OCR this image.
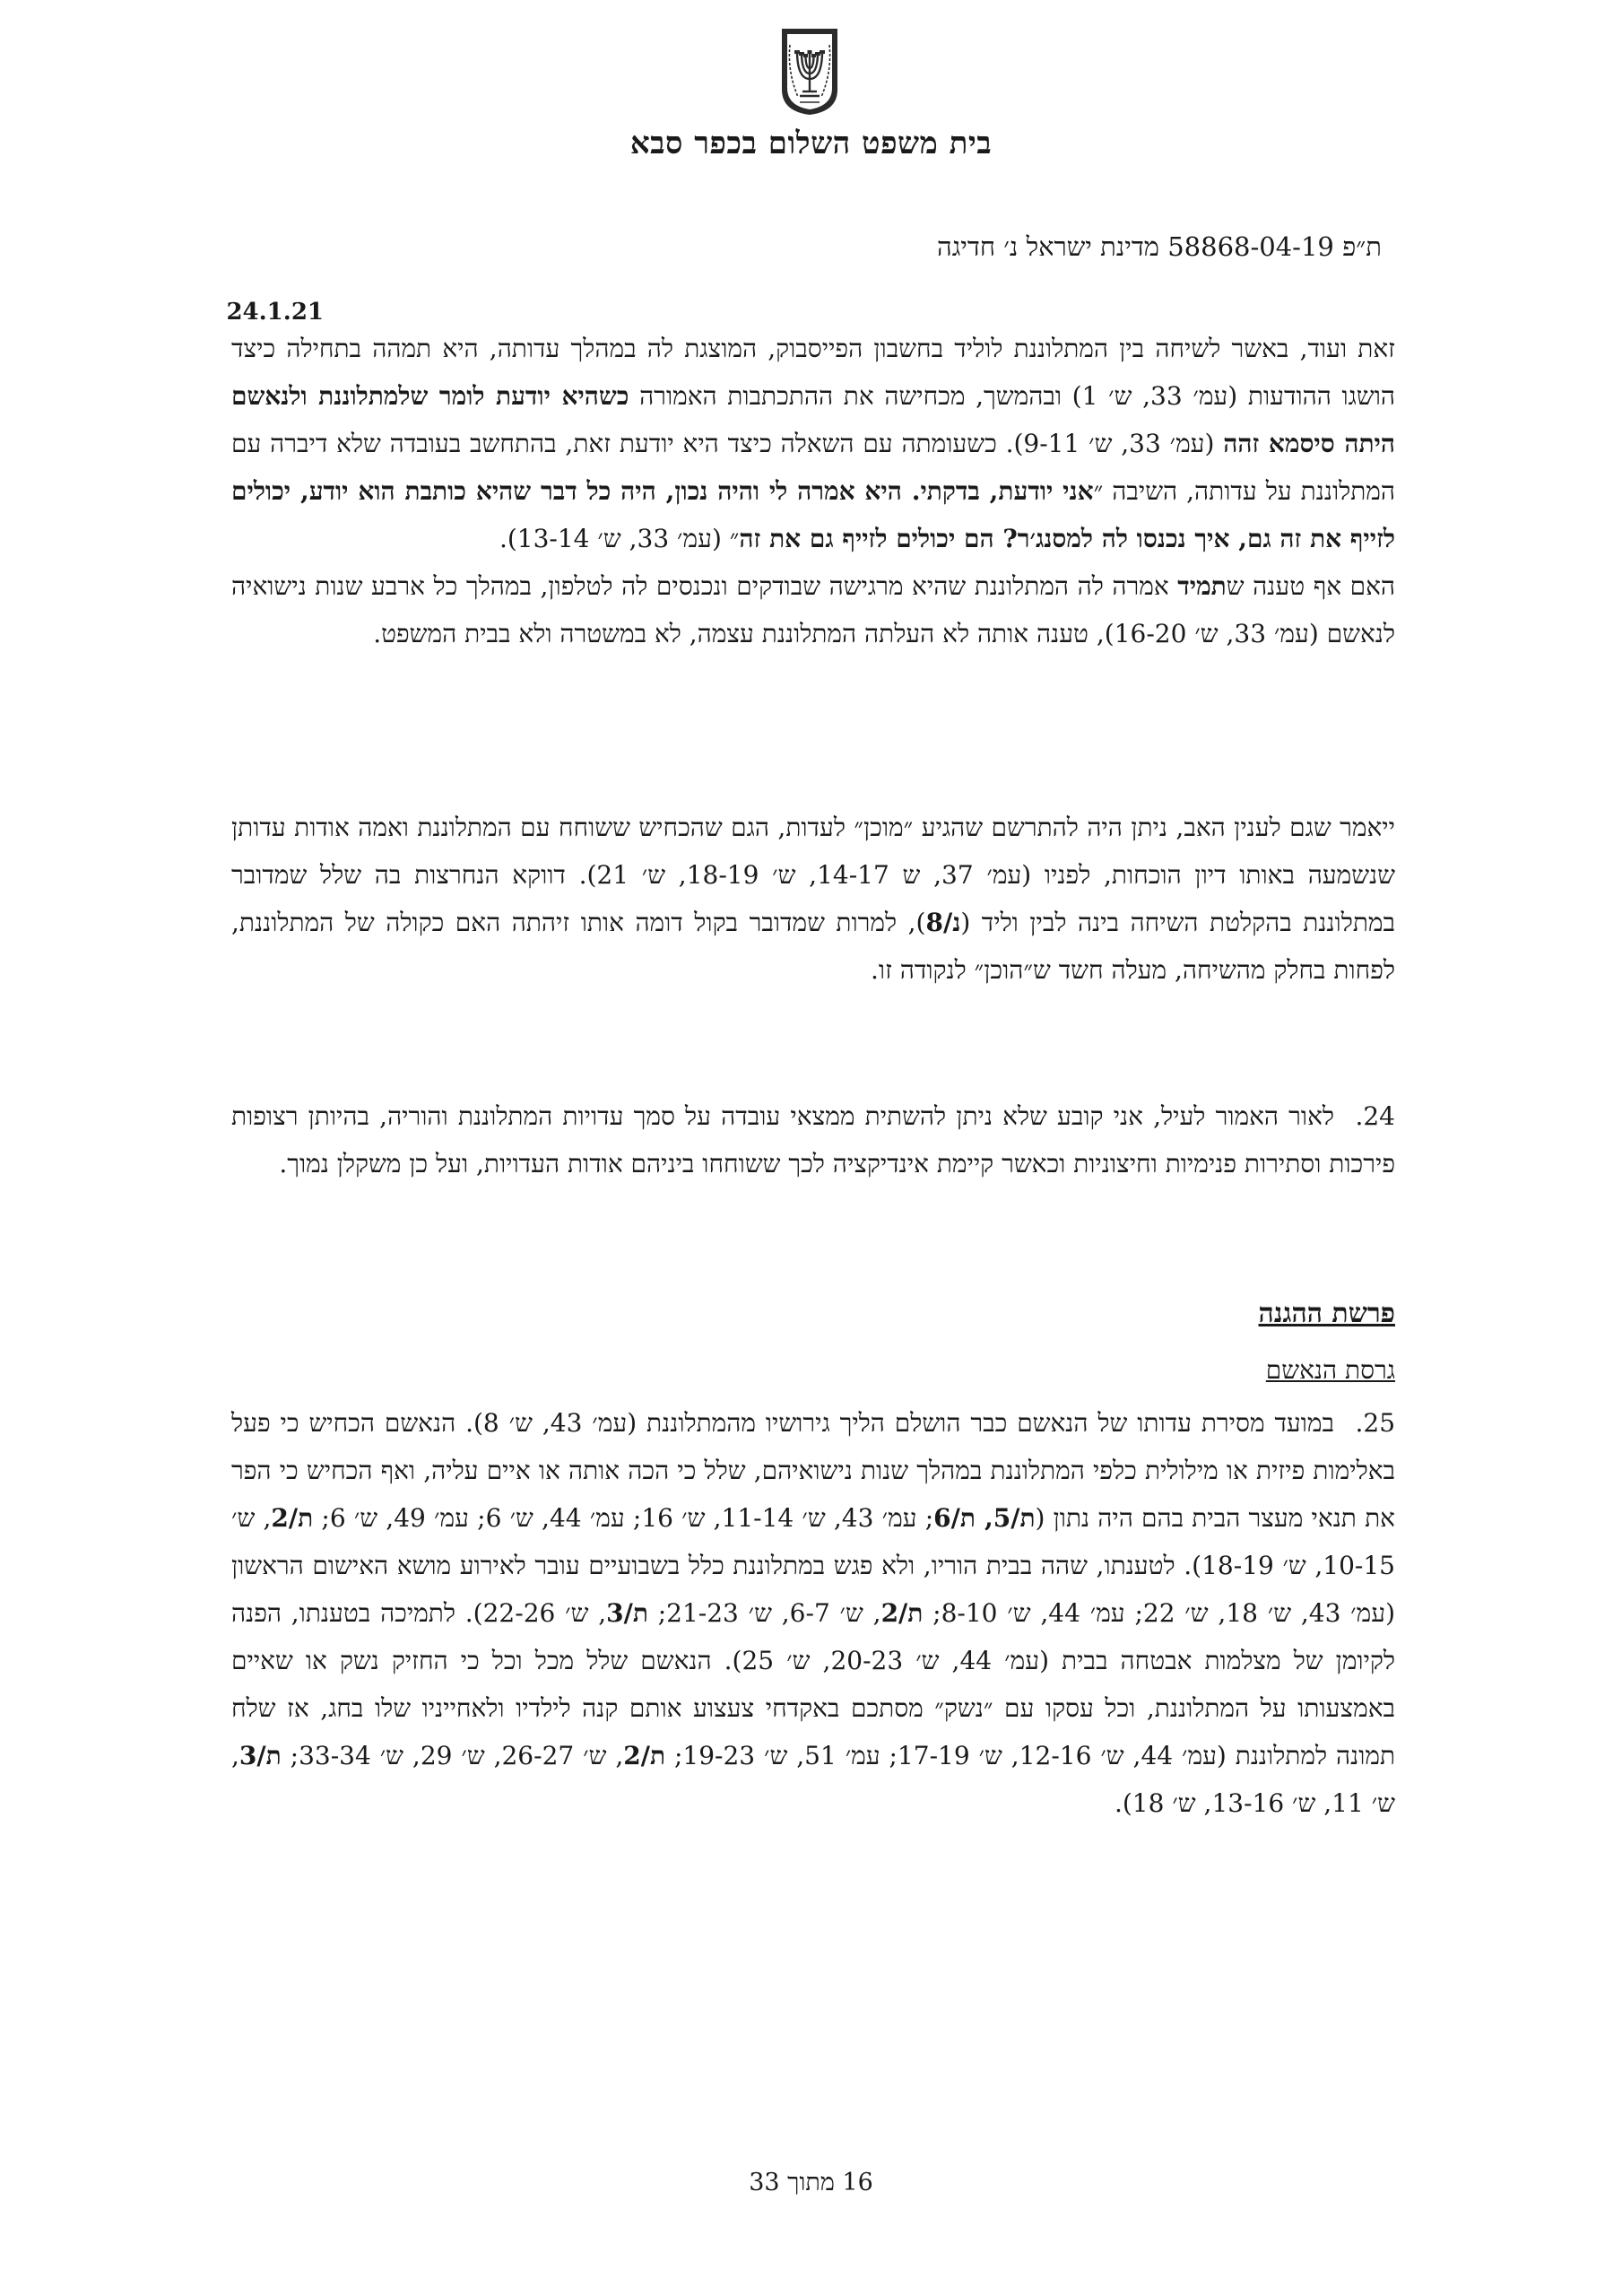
בית משפט השלום בכפר סבא
ת״פ 58868-04-19 מדינת ישראל נ׳ חדיגה
24.1.21

זאת ועוד, באשר לשיחה בין המתלוננת לוליד בחשבון הפייסבוק, המוצגת לה במהלך עדותה, היא תמהה בתחילה כיצד הושגו ההודעות (עמ׳ 33, ש׳ 1) ובהמשך, מכחישה את ההתכתבות האמורה כשהיא יודעת לומר שלמתלוננת ולנאשם היתה סיסמא זהה (עמ׳ 33, ש׳ 9-11). כשעומתה עם השאלה כיצד היא יודעת זאת, בהתחשב בעובדה שלא דיברה עם המתלוננת על עדותה, השיבה ״אני יודעת, בדקתי. היא אמרה לי והיה נכון, היה כל דבר שהיא כותבת הוא יודע, יכולים לזייף את זה גם, איך נכנסו לה למסנג׳ר? הם יכולים לזייף גם את זה״ (עמ׳ 33, ש׳ 13-14).

האם אף טענה שתמיד אמרה לה המתלוננת שהיא מרגישה שבודקים ונכנסים לה לטלפון, במהלך כל ארבע שנות נישואיה לנאשם (עמ׳ 33, ש׳ 16-20), טענה אותה לא העלתה המתלוננת עצמה, לא במשטרה ולא בבית המשפט.

ייאמר שגם לענין האב, ניתן היה להתרשם שהגיע ״מוכן״ לעדות, הגם שהכחיש ששוחח עם המתלוננת ואמה אודות עדותן שנשמעה באותו דיון הוכחות, לפניו (עמ׳ 37, ש 14-17, ש׳ 18-19, ש׳ 21). דווקא הנחרצות בה שלל שמדובר במתלוננת בהקלטת השיחה בינה לבין וליד (נ/8), למרות שמדובר בקול דומה אותו זיהתה האם כקולה של המתלוננת, לפחות בחלק מהשיחה, מעלה חשד ש״הוכן״ לנקודה זו.

24.לאור האמור לעיל, אני קובע שלא ניתן להשתית ממצאי עובדה על סמך עדויות המתלוננת והוריה, בהיותן רצופות פירכות וסתירות פנימיות וחיצוניות וכאשר קיימת אינדיקציה לכך ששוחחו ביניהם אודות העדויות, ועל כן משקלן נמוך.

פרשת ההגנה
גרסת הנאשם

25.במועד מסירת עדותו של הנאשם כבר הושלם הליך גירושיו מהמתלוננת (עמ׳ 43, ש׳ 8). הנאשם הכחיש כי פעל באלימות פיזית או מילולית כלפי המתלוננת במהלך שנות נישואיהם, שלל כי הכה אותה או איים עליה, ואף הכחיש כי הפר את תנאי מעצר הבית בהם היה נתון (ת/5, ת/6; עמ׳ 43, ש׳ 11-14, ש׳ 16; עמ׳ 44, ש׳ 6; עמ׳ 49, ש׳ 6; ת/2, ש׳ 10-15, ש׳ 18-19). לטענתו, שהה בבית הוריו, ולא פגש במתלוננת כלל בשבועיים עובר לאירוע מושא האישום הראשון (עמ׳ 43, ש׳ 18, ש׳ 22; עמ׳ 44, ש׳ 8-10; ת/2, ש׳ 6-7, ש׳ 21-23; ת/3, ש׳ 22-26). לתמיכה בטענתו, הפנה לקיומן של מצלמות אבטחה בבית (עמ׳ 44, ש׳ 20-23, ש׳ 25). הנאשם שלל מכל וכל כי החזיק נשק או שאיים באמצעותו על המתלוננת, וכל עסקו עם ״נשק״ מסתכם באקדחי צעצוע אותם קנה לילדיו ולאחייניו שלו בחג, אז שלח תמונה למתלוננת (עמ׳ 44, ש׳ 12-16, ש׳ 17-19; עמ׳ 51, ש׳ 19-23; ת/2, ש׳ 26-27, ש׳ 29, ש׳ 33-34; ת/3, ש׳ 11, ש׳ 13-16, ש׳ 18).

16 מתוך 33
